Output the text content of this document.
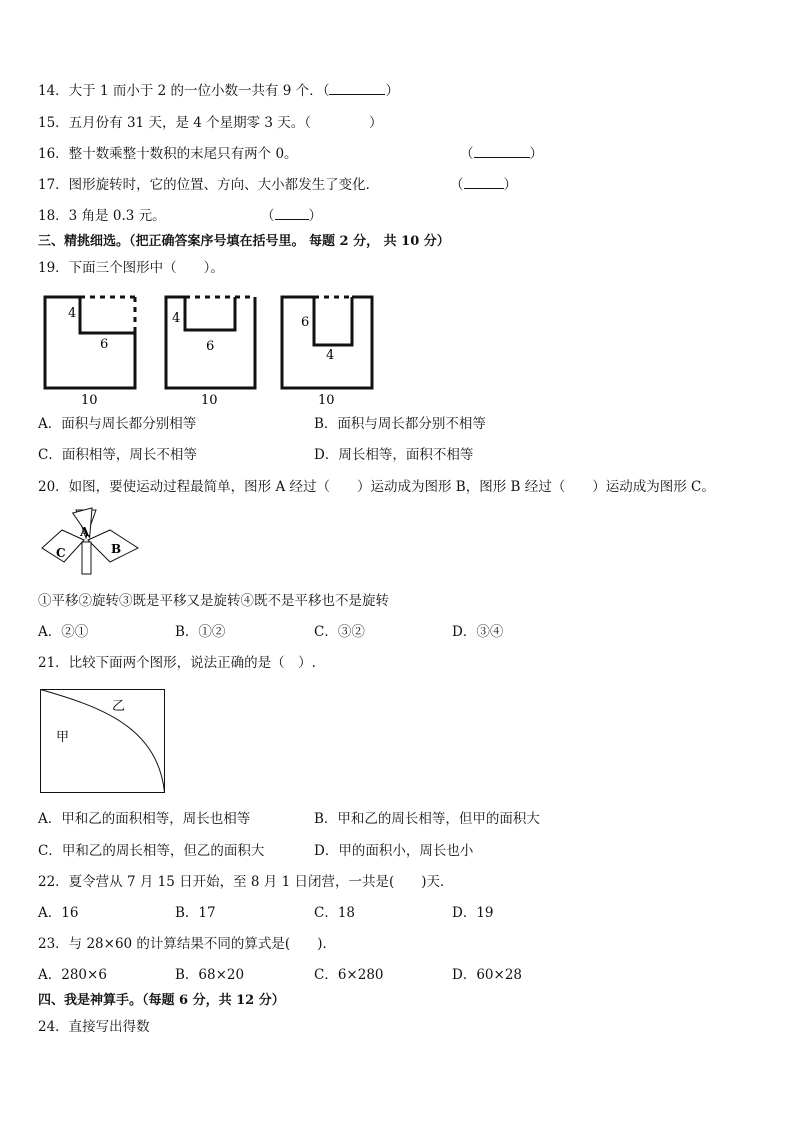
14．大于 1 而小于 2 的一位小数一共有 9 个．（	）
15．五月份有 31 天，是 4 个星期零 3 天。（	）
16．整十数乘整十数积的末尾只有两个 0。	（	）
17．图形旋转时，它的位置、方向、大小都发生了变化．	（	）
18．3 角是 0.3 元。	（	）
三、精挑细选。（把正确答案序号填在括号里。 每题 2 分， 共 10 分）
19．下面三个图形中（　　）。
4
6
10
4
6
10
6
4
10
A．面积与周长都分别相等	B．面积与周长都分别不相等
C．面积相等，周长不相等	D．周长相等，面积不相等
20．如图，要使运动过程最简单，图形 A 经过（　　）运动成为图形 B，图形 B 经过（　　）运动成为图形 C。
A
B
C
①平移②旋转③既是平移又是旋转④既不是平移也不是旋转
A．②①	B．①②	C．③②	D．③④
21．比较下面两个图形，说法正确的是（　）.
甲
乙
A．甲和乙的面积相等，周长也相等	B．甲和乙的周长相等，但甲的面积大
C．甲和乙的周长相等，但乙的面积大	D．甲的面积小，周长也小
22．夏令营从 7 月 15 日开始，至 8 月 1 日闭营，一共是(　　)天．
A．16	B．17	C．18	D．19
23．与 28×60 的计算结果不同的算式是(　　)．
A．280×6	B．68×20	C．6×280	D．60×28
四、我是神算手。（每题 6 分，共 12 分）
24．直接写出得数
